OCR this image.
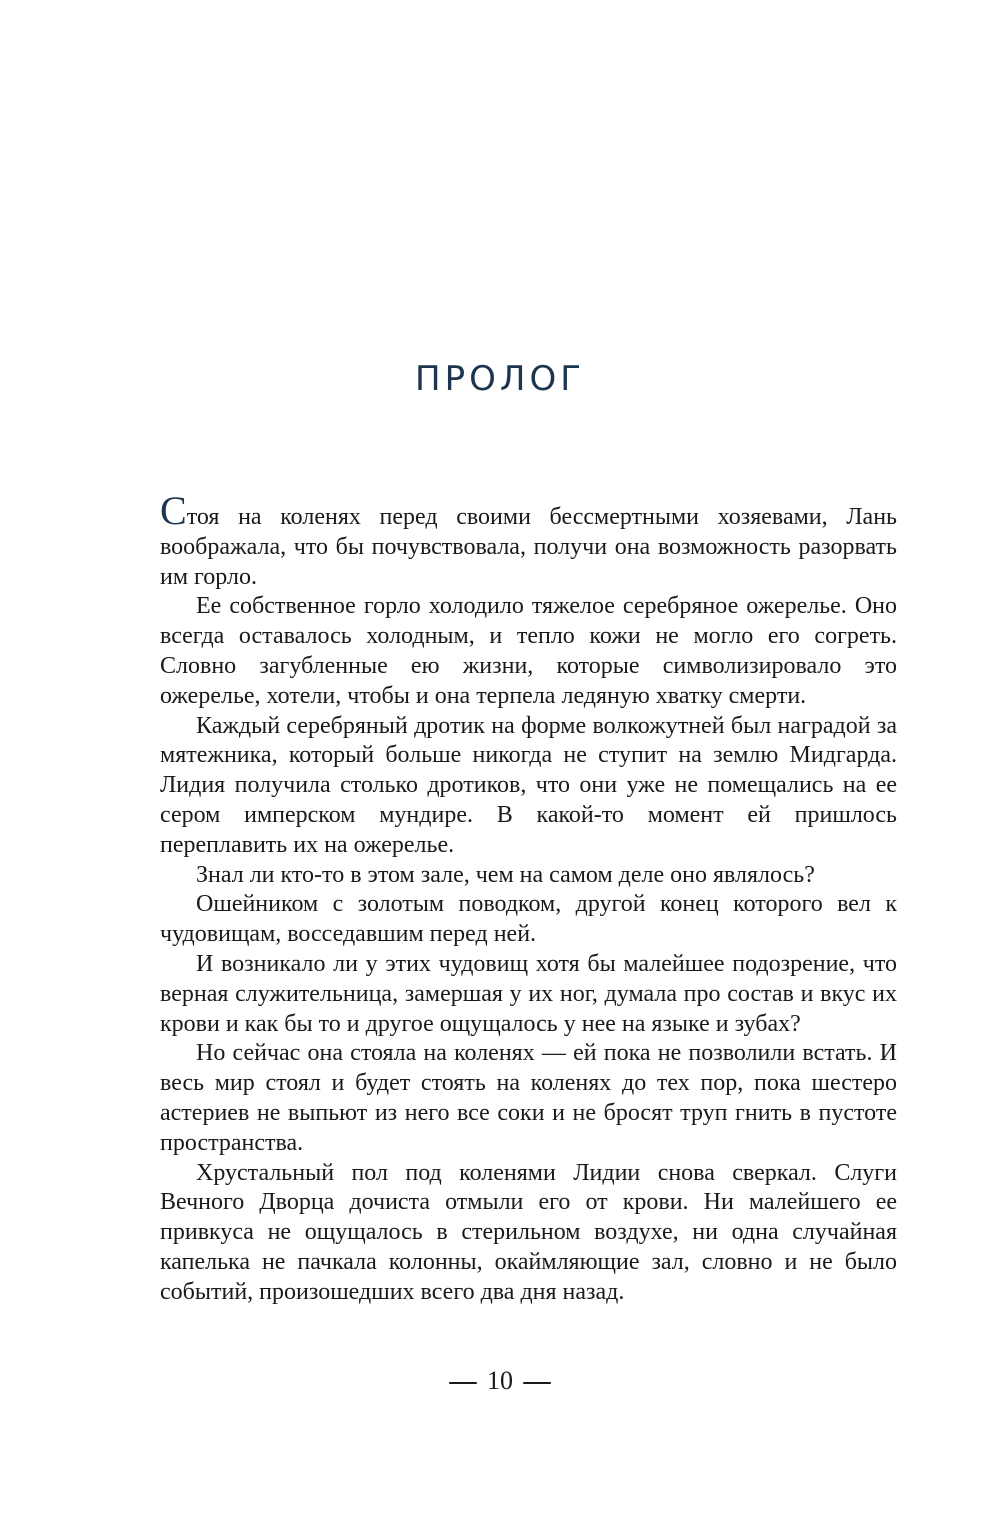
ПРОЛОГ

Стоя на коленях перед своими бессмертными хозяевами, Лань воображала, что бы почувствовала, получи она возможность разорвать им горло.

Ее собственное горло холодило тяжелое серебряное ожерелье. Оно всегда оставалось холодным, и тепло кожи не могло его согреть. Словно загубленные ею жизни, которые символизировало это ожерелье, хотели, чтобы и она терпела ледяную хватку смерти.

Каждый серебряный дротик на форме волкожутней был наградой за мятежника, который больше никогда не ступит на землю Мидгарда. Лидия получила столько дротиков, что они уже не помещались на ее сером имперском мундире. В какой-то момент ей пришлось переплавить их на ожерелье.

Знал ли кто-то в этом зале, чем на самом деле оно являлось?

Ошейником с золотым поводком, другой конец которого вел к чудовищам, восседавшим перед ней.

И возникало ли у этих чудовищ хотя бы малейшее подозрение, что верная служительница, замершая у их ног, думала про состав и вкус их крови и как бы то и другое ощущалось у нее на языке и зубах?

Но сейчас она стояла на коленях — ей пока не позволили встать. И весь мир стоял и будет стоять на коленях до тех пор, пока шестеро астериев не выпьют из него все соки и не бросят труп гнить в пустоте пространства.

Хрустальный пол под коленями Лидии снова сверкал. Слуги Вечного Дворца дочиста отмыли его от крови. Ни малейшего ее привкуса не ощущалось в стерильном воздухе, ни одна случайная капелька не пачкала колонны, окаймляющие зал, словно и не было событий, произошедших всего два дня назад.

10
